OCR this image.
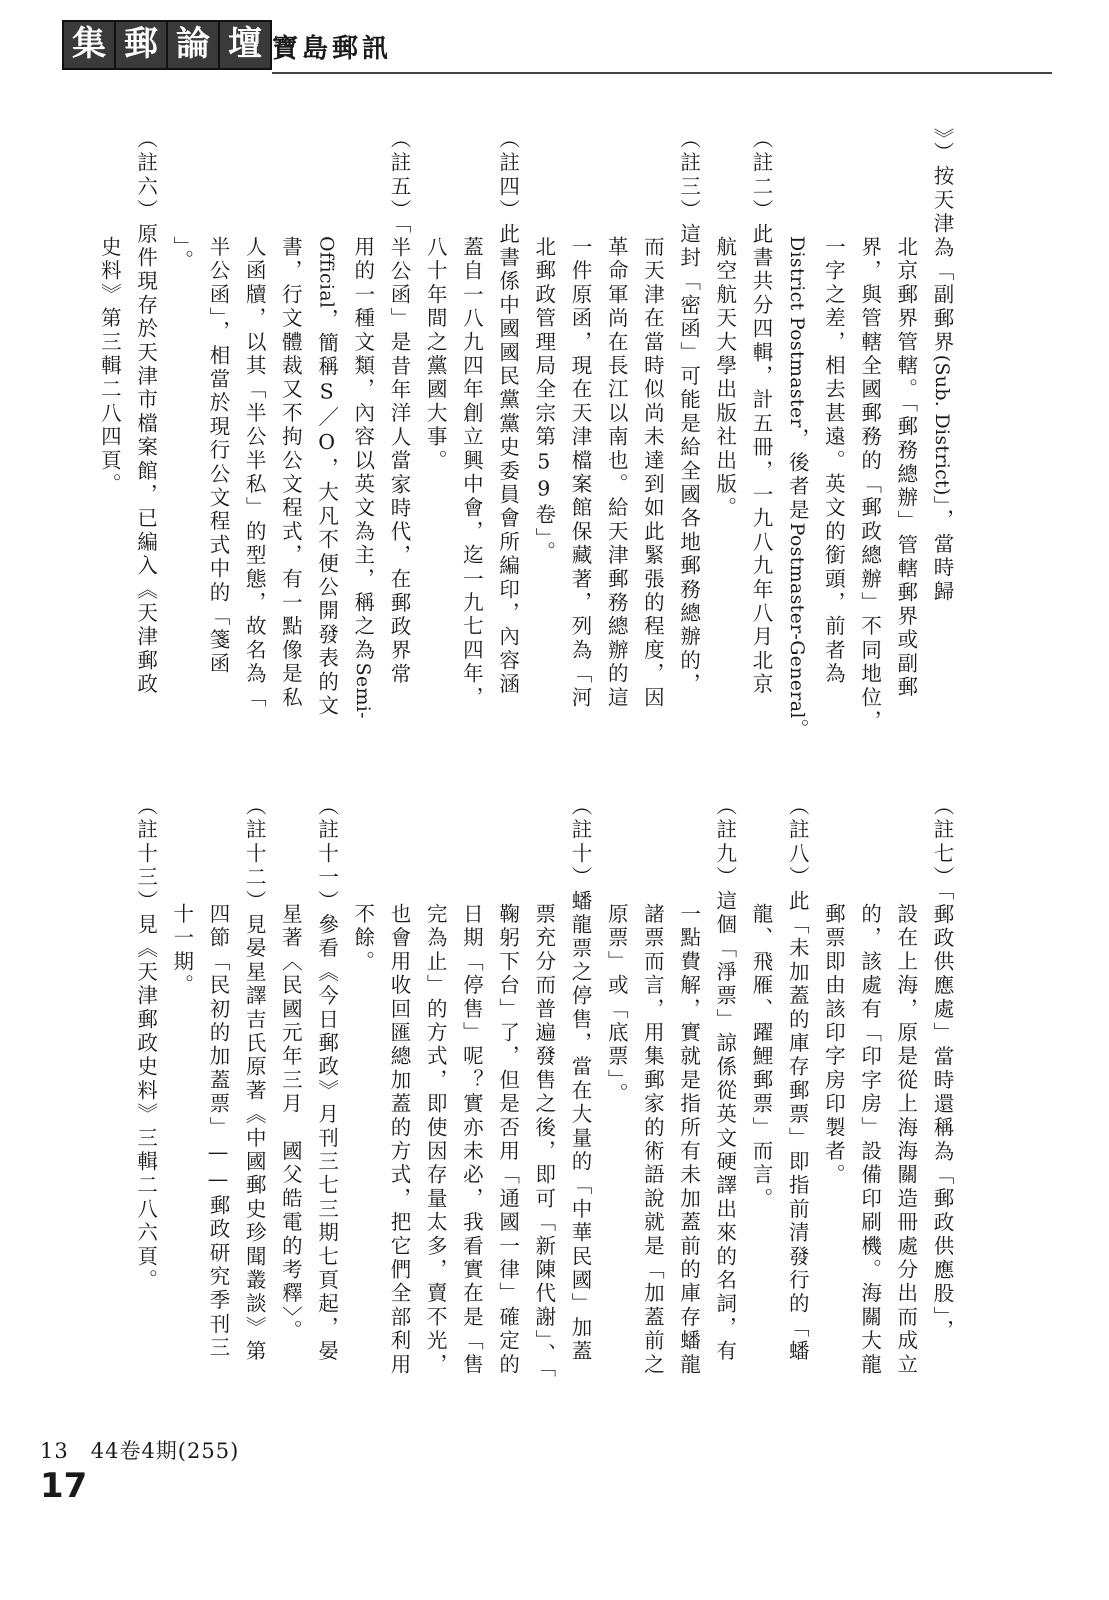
集 郵 論 壇 寶島郵訊
》）按天津為「副郵界(Sub. District)」，當時歸
北京郵界管轄。「郵務總辦」管轄郵界或副郵
界，與管轄全國郵務的「郵政總辦」不同地位，
一字之差，相去甚遠。英文的銜頭，前者為
District Postmaster，後者是Postmaster-General。
（註二）此書共分四輯，計五冊，一九八九年八月北京
航空航天大學出版社出版。
（註三）這封「密函」可能是給全國各地郵務總辦的，
而天津在當時似尚未達到如此緊張的程度，因
革命軍尚在長江以南也。給天津郵務總辦的這
一件原函，現在天津檔案館保藏著，列為「河
北郵政管理局全宗第59卷」。
（註四）此書係中國國民黨黨史委員會所編印，內容涵
蓋自一八九四年創立興中會，迄一九七四年，
八十年間之黨國大事。
（註五）「半公函」是昔年洋人當家時代，在郵政界常
用的一種文類，內容以英文為主，稱之為Semi-
Official，簡稱S／O，大凡不便公開發表的文
書，行文體裁又不拘公文程式，有一點像是私
人函牘，以其「半公半私」的型態，故名為「
半公函」，相當於現行公文程式中的「箋函
」。
（註六）原件現存於天津市檔案館，已編入《天津郵政
史料》第三輯二八四頁。
（註七）「郵政供應處」當時還稱為「郵政供應股」，
設在上海，原是從上海海關造冊處分出而成立
的，該處有「印字房」設備印刷機。海關大龍
郵票即由該印字房印製者。
（註八）此「未加蓋的庫存郵票」即指前清發行的「蟠
龍、飛雁、躍鯉郵票」而言。
（註九）這個「淨票」諒係從英文硬譯出來的名詞，有
一點費解，實就是指所有未加蓋前的庫存蟠龍
諸票而言，用集郵家的術語說就是「加蓋前之
原票」或「底票」。
（註十）蟠龍票之停售，當在大量的「中華民國」加蓋
票充分而普遍發售之後，即可「新陳代謝」、「
鞠躬下台」了，但是否用「通國一律」確定的
日期「停售」呢？實亦未必，我看實在是「售
完為止」的方式，即使因存量太多，賣不光，
也會用收回匯總加蓋的方式，把它們全部利用
不餘。
（註十一）參看《今日郵政》月刊三七三期七頁起，晏
星著〈民國元年三月　國父皓電的考釋〉。
（註十二）見晏星譯吉氏原著《中國郵史珍聞叢談》第
四節「民初的加蓋票」——郵政研究季刊三
十一期。
（註十三）見《天津郵政史料》三輯二八六頁。
13　44卷4期(255)
17
